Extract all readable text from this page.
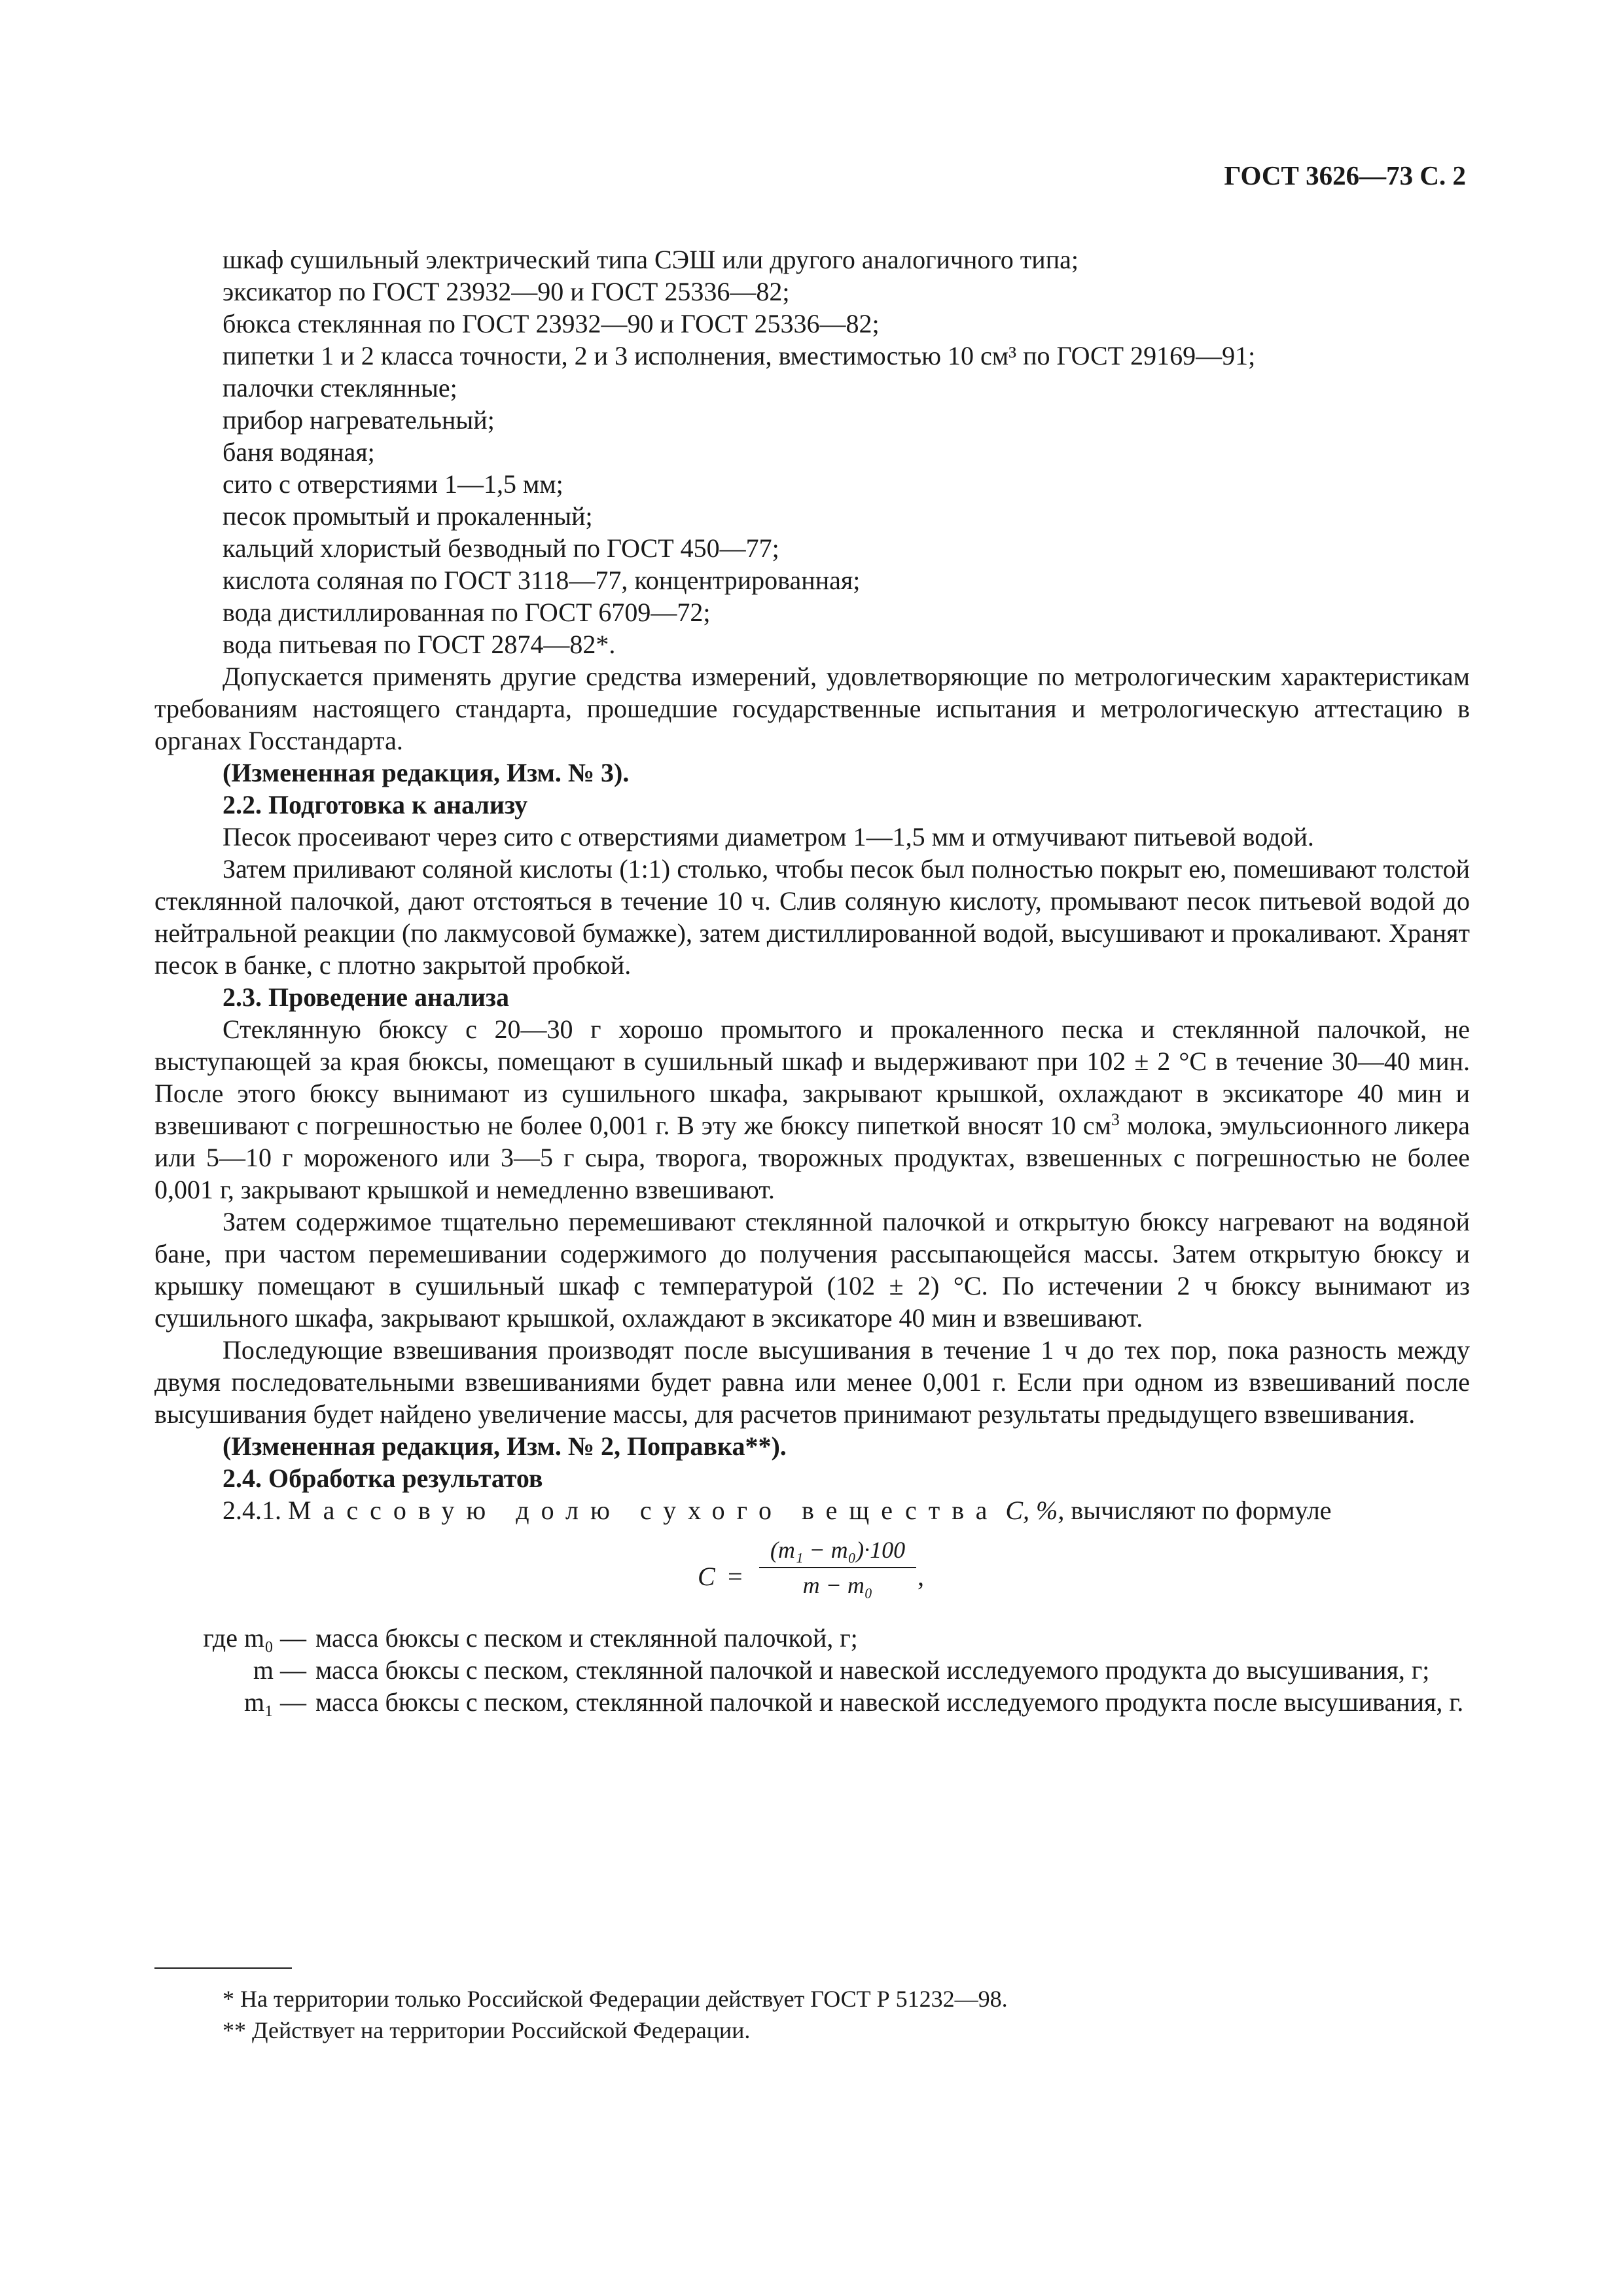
ГОСТ 3626—73 С. 2
шкаф сушильный электрический типа СЭШ или другого аналогичного типа;
эксикатор по ГОСТ 23932—90 и ГОСТ 25336—82;
бюкса стеклянная по ГОСТ 23932—90 и ГОСТ 25336—82;
пипетки 1 и 2 класса точности, 2 и 3 исполнения, вместимостью 10 см³ по ГОСТ 29169—91;
палочки стеклянные;
прибор нагревательный;
баня водяная;
сито с отверстиями 1—1,5 мм;
песок промытый и прокаленный;
кальций хлористый безводный по ГОСТ 450—77;
кислота соляная по ГОСТ 3118—77, концентрированная;
вода дистиллированная по ГОСТ 6709—72;
вода питьевая по ГОСТ 2874—82*.

Допускается применять другие средства измерений, удовлетворяющие по метрологическим характеристикам требованиям настоящего стандарта, прошедшие государственные испытания и метрологическую аттестацию в органах Госстандарта.

(Измененная редакция, Изм. № 3).
2.2. Подготовка к анализу

Песок просеивают через сито с отверстиями диаметром 1—1,5 мм и отмучивают питьевой водой.

Затем приливают соляной кислоты (1:1) столько, чтобы песок был полностью покрыт ею, помешивают толстой стеклянной палочкой, дают отстояться в течение 10 ч. Слив соляную кислоту, промывают песок питьевой водой до нейтральной реакции (по лакмусовой бумажке), затем дистиллированной водой, высушивают и прокаливают. Хранят песок в банке, с плотно закрытой пробкой.

2.3. Проведение анализа

Стеклянную бюксу с 20—30 г хорошо промытого и прокаленного песка и стеклянной палочкой, не выступающей за края бюксы, помещают в сушильный шкаф и выдерживают при 102 ± 2 °С в течение 30—40 мин. После этого бюксу вынимают из сушильного шкафа, закрывают крышкой, охлаждают в эксикаторе 40 мин и взвешивают с погрешностью не более 0,001 г. В эту же бюксу пипеткой вносят 10 $см^3$ молока, эмульсионного ликера или 5—10 г мороженого или 3—5 г сыра, творога, творожных продуктах, взвешенных с погрешностью не более 0,001 г, закрывают крышкой и немедленно взвешивают.

Затем содержимое тщательно перемешивают стеклянной палочкой и открытую бюксу нагревают на водяной бане, при частом перемешивании содержимого до получения рассыпающейся массы. Затем открытую бюксу и крышку помещают в сушильный шкаф с температурой (102 ± 2) °С. По истечении 2 ч бюксу вынимают из сушильного шкафа, закрывают крышкой, охлаждают в эксикаторе 40 мин и взвешивают.

Последующие взвешивания производят после высушивания в течение 1 ч до тех пор, пока разность между двумя последовательными взвешиваниями будет равна или менее 0,001 г. Если при одном из взвешиваний после высушивания будет найдено увеличение массы, для расчетов принимают результаты предыдущего взвешивания.

(Измененная редакция, Изм. № 2, Поправка**).
2.4. Обработка результатов

2.4.1. Массовую долю сухого вещества С, %, вычисляют по формуле

C =
(m₁ − m₀)·100
m − m₀	,
где m₀ — масса бюксы с песком и стеклянной палочкой, г;
m — масса бюксы с песком, стеклянной палочкой и навеской исследуемого продукта до высушивания, г;
m₁ — масса бюксы с песком, стеклянной палочкой и навеской исследуемого продукта после высушивания, г.
* На территории только Российской Федерации действует ГОСТ Р 51232—98.
** Действует на территории Российской Федерации.
